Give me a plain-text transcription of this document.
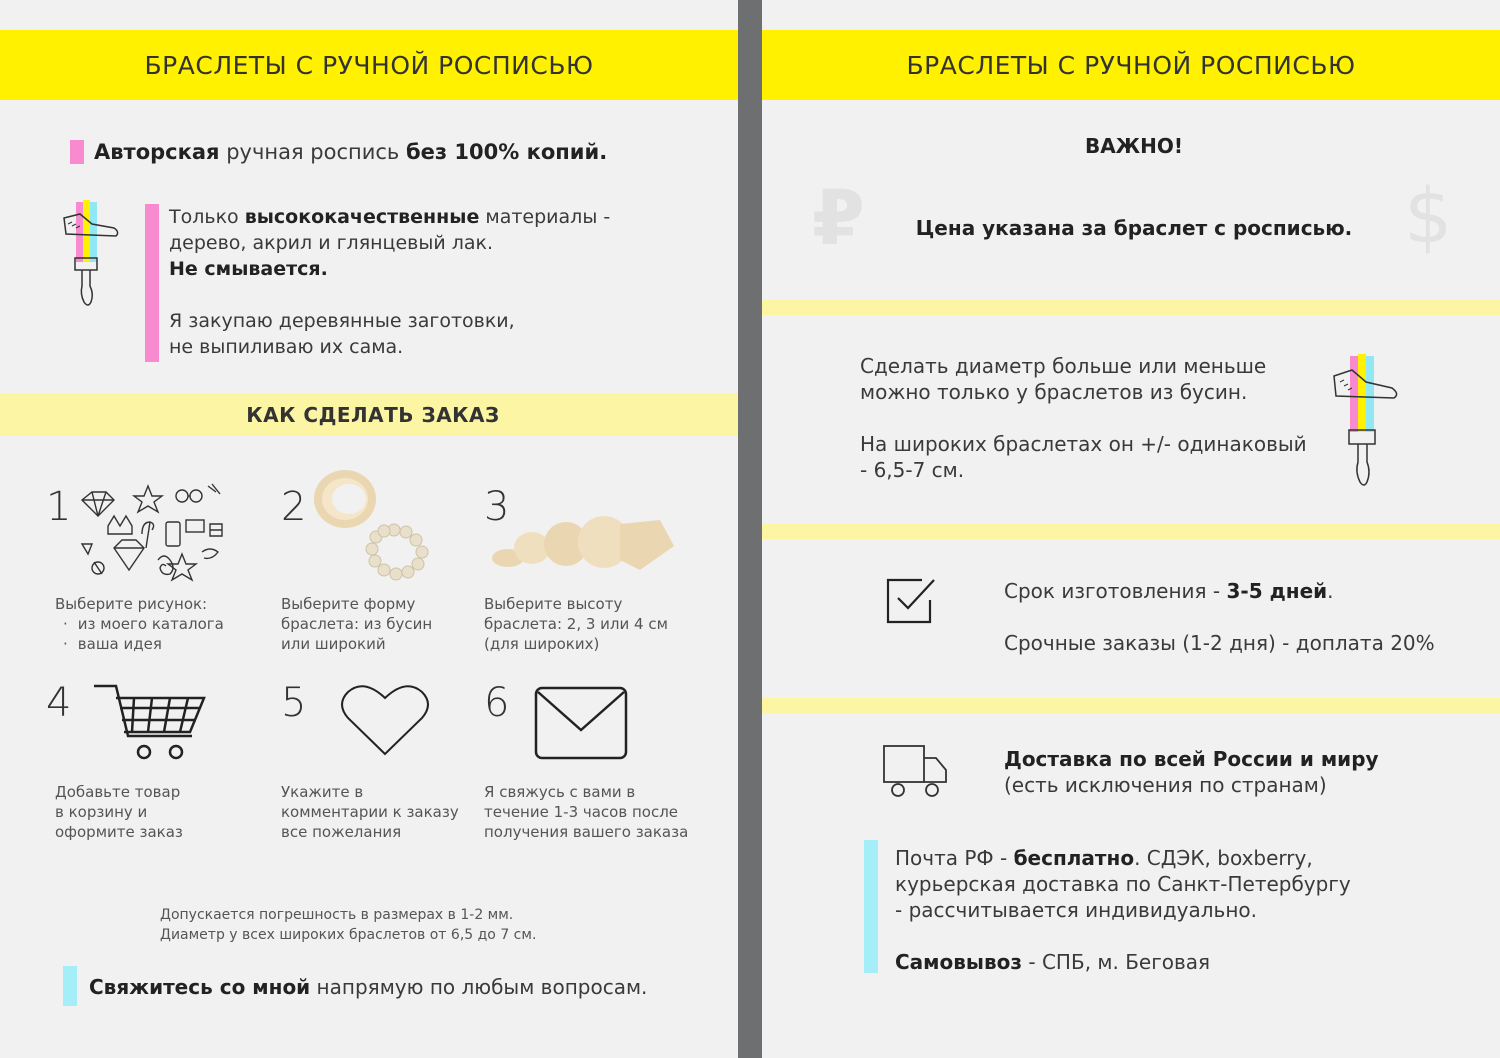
БРАСЛЕТЫ С РУЧНОЙ РОСПИСЬЮ
Авторская ручная роспись без 100% копий.
Только высококачественные материалы -
дерево, акрил и глянцевый лак.
Не смывается.
Я закупаю деревянные заготовки,
не выпиливаю их сама.
КАК СДЕЛАТЬ ЗАКАЗ
1
Выберите рисунок:
· из моего каталога
· ваша идея
2
Выберите форму
браслета: из бусин
или широкий
3
Выберите высоту
браслета: 2, 3 или 4 см
(для широких)
4
Добавьте товар
в корзину и
оформите заказ
5
Укажите в
комментарии к заказу
все пожелания
6
Я свяжусь с вами в
течение 1-3 часов после
получения вашего заказа
Допускается погрешность в размерах в 1-2 мм.
Диаметр у всех широких браслетов от 6,5 до 7 см.
Свяжитесь со мной напрямую по любым вопросам.
БРАСЛЕТЫ С РУЧНОЙ РОСПИСЬЮ
ВАЖНО!
₽	$
Цена указана за браслет с росписью.
Сделать диаметр больше или меньше
можно только у браслетов из бусин.
На широких браслетах он +/- одинаковый
- 6,5-7 см.
Срок изготовления - 3-5 дней.
Срочные заказы (1-2 дня) - доплата 20%
Доставка по всей России и миру
(есть исключения по странам)
Почта РФ - бесплатно. СДЭК, boxberry,
курьерская доставка по Санкт-Петербургу
- рассчитывается индивидуально.
Самовывоз - СПБ, м. Беговая
